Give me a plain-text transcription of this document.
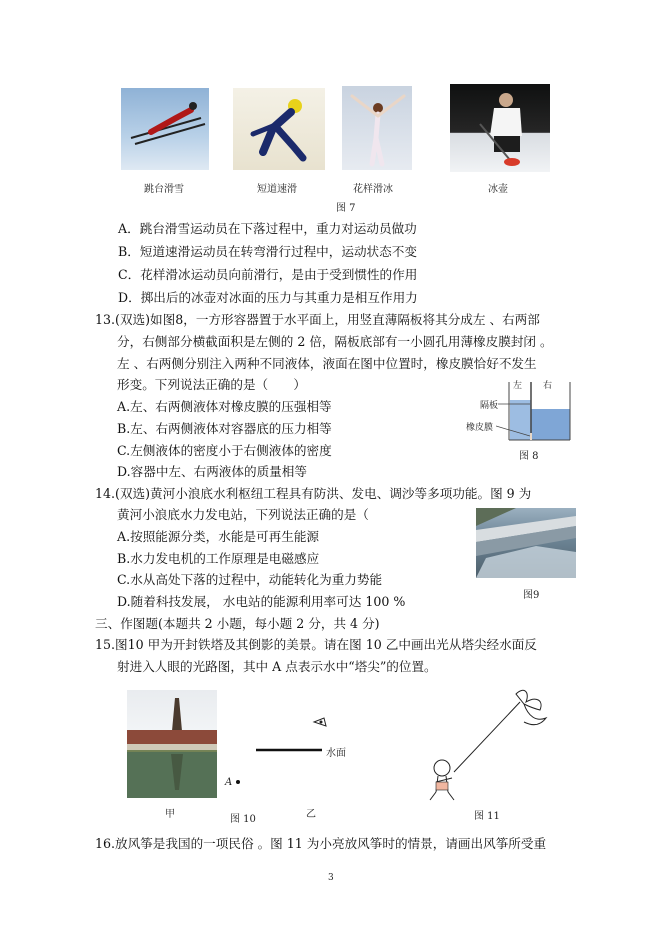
跳台滑雪	短道速滑	花样滑冰	冰壶
图 7
A．跳台滑雪运动员在下落过程中，重力对运动员做功
B．短道速滑运动员在转弯滑行过程中，运动状态不变
C．花样滑冰运动员向前滑行，是由于受到惯性的作用
D．掷出后的冰壶对冰面的压力与其重力是相互作用力
13.(双选)如图8，一方形容器置于水平面上，用竖直薄隔板将其分成左 、右两部
分，右侧部分横截面积是左侧的 2 倍，隔板底部有一小圆孔用薄橡皮膜封闭 。
左 、右两侧分别注入两种不同液体，液面在图中位置时，橡皮膜恰好不发生
形变。下列说法正确的是（　　）
A.左、右两侧液体对橡皮膜的压强相等
B.左、右两侧液体对容器底的压力相等
C.左侧液体的密度小于右侧液体的密度
D.容器中左、右两液体的质量相等
左 右
隔板
橡皮膜
图 8
14.(双选)黄河小浪底水利枢纽工程具有防洪、发电、调沙等多项功能。图 9 为
黄河小浪底水力发电站，下列说法正确的是（
A.按照能源分类，水能是可再生能源
B.水力发电机的工作原理是电磁感应
C.水从高处下落的过程中，动能转化为重力势能
D.随着科技发展， 水电站的能源利用率可达 100 %	图9
三、作图题(本题共 2 小题，每小题 2 分，共 4 分)
15.图10 甲为开封铁塔及其倒影的美景。请在图 10 乙中画出光从塔尖经水面反
射进入人眼的光路图，其中 A 点表示水中“塔尖”的位置。
甲
水面
A
图 10	乙	图 11
16.放风筝是我国的一项民俗 。图 11 为小亮放风筝时的情景，请画出风筝所受重
3
